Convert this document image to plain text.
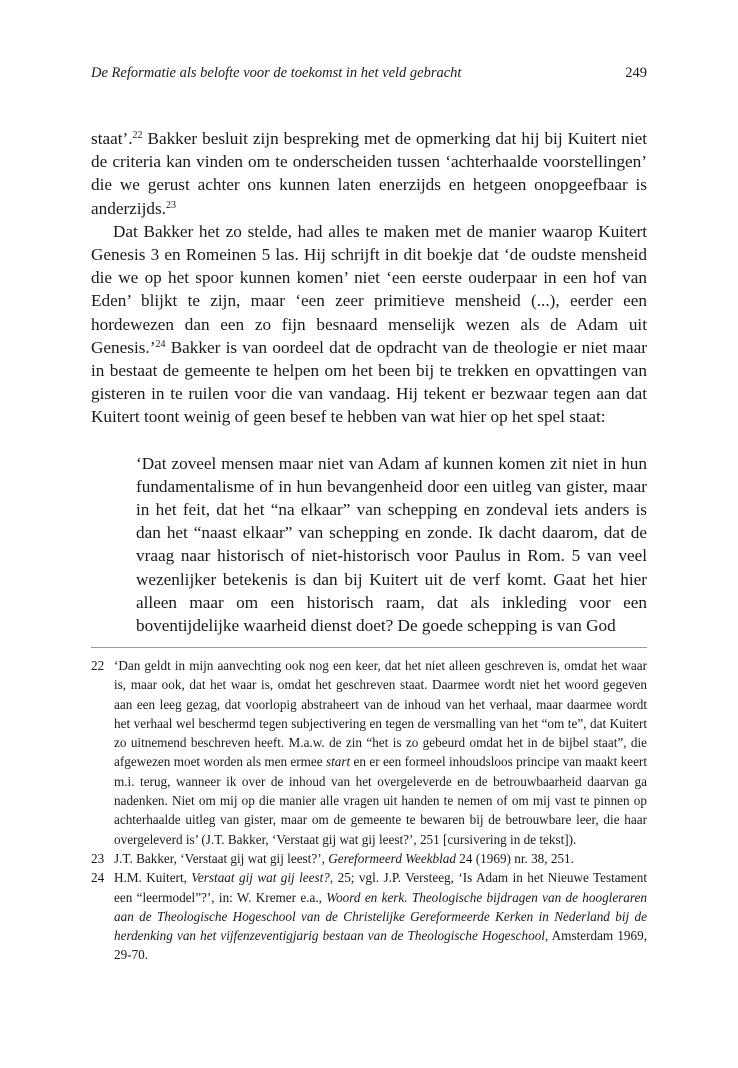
De Reformatie als belofte voor de toekomst in het veld gebracht	249

staat’.$^{22}$ Bakker besluit zijn bespreking met de opmerking dat hij bij Kuitert niet de criteria kan vinden om te onderscheiden tussen ‘achterhaalde voorstellingen’ die we gerust achter ons kunnen laten enerzijds en hetgeen onopgeefbaar is anderzijds.$^{23}$

Dat Bakker het zo stelde, had alles te maken met de manier waarop Kuitert Genesis 3 en Romeinen 5 las. Hij schrijft in dit boekje dat ‘de oudste mensheid die we op het spoor kunnen komen’ niet ‘een eerste ouderpaar in een hof van Eden’ blijkt te zijn, maar ‘een zeer primitieve mensheid (...), eerder een hordewezen dan een zo fijn besnaard menselijk wezen als de Adam uit Genesis.’$^{24}$ Bakker is van oordeel dat de opdracht van de theologie er niet maar in bestaat de gemeente te helpen om het been bij te trekken en opvattingen van gisteren in te ruilen voor die van vandaag. Hij tekent er bezwaar tegen aan dat Kuitert toont weinig of geen besef te hebben van wat hier op het spel staat:

‘Dat zoveel mensen maar niet van Adam af kunnen komen zit niet in hun fundamentalisme of in hun bevangenheid door een uitleg van gister, maar in het feit, dat het “na elkaar” van schepping en zondeval iets anders is dan het “naast elkaar” van schepping en zonde. Ik dacht daarom, dat de vraag naar historisch of niet-historisch voor Paulus in Rom. 5 van veel wezenlijker betekenis is dan bij Kuitert uit de verf komt. Gaat het hier alleen maar om een historisch raam, dat als inkleding voor een boventijdelijke waarheid dienst doet? De goede schepping is van God

22 ‘Dan geldt in mijn aanvechting ook nog een keer, dat het niet alleen geschreven is, omdat het waar is, maar ook, dat het waar is, omdat het geschreven staat. Daarmee wordt niet het woord gegeven aan een leeg gezag, dat voorlopig abstraheert van de inhoud van het verhaal, maar daarmee wordt het verhaal wel beschermd tegen subjectivering en tegen de versmalling van het “om te”, dat Kuitert zo uitnemend beschreven heeft. M.a.w. de zin “het is zo gebeurd omdat het in de bijbel staat”, die afgewezen moet worden als men ermee start en er een formeel inhoudsloos principe van maakt keert m.i. terug, wanneer ik over de inhoud van het overgeleverde en de betrouwbaarheid daarvan ga nadenken. Niet om mij op die manier alle vragen uit handen te nemen of om mij vast te pinnen op achterhaalde uitleg van gister, maar om de gemeente te bewaren bij de betrouwbare leer, die haar overgeleverd is’ (J.T. Bakker, ‘Verstaat gij wat gij leest?’, 251 [cursivering in de tekst]).
23 J.T. Bakker, ‘Verstaat gij wat gij leest?’, Gereformeerd Weekblad 24 (1969) nr. 38, 251.
24 H.M. Kuitert, Verstaat gij wat gij leest?, 25; vgl. J.P. Versteeg, ‘Is Adam in het Nieuwe Testament een “leermodel”?’, in: W. Kremer e.a., Woord en kerk. Theologische bijdragen van de hoogleraren aan de Theologische Hogeschool van de Christelijke Gereformeerde Kerken in Nederland bij de herdenking van het vijfenzeventigjarig bestaan van de Theologische Hogeschool, Amsterdam 1969, 29-70.
